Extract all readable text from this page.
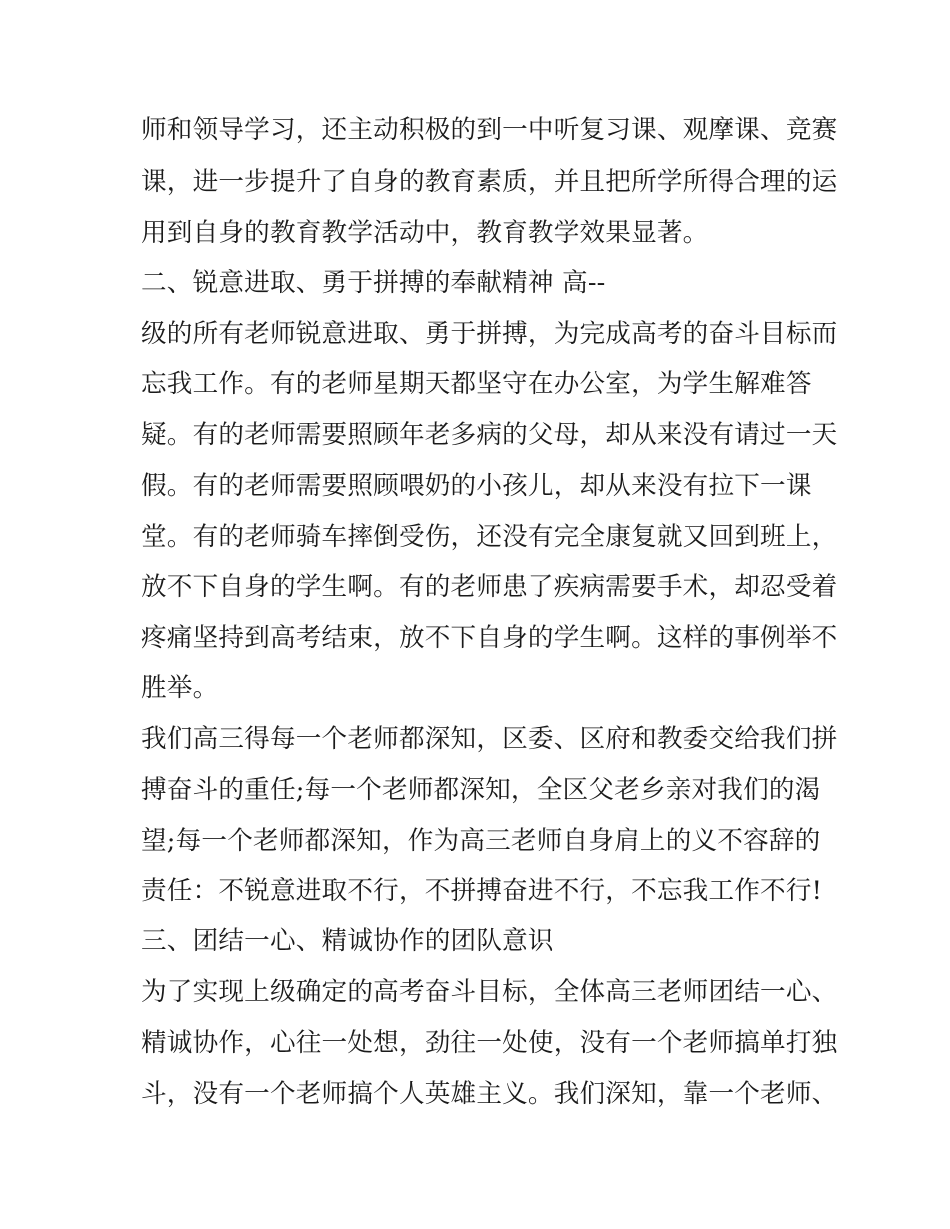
师和领导学习，还主动积极的到一中听复习课、观摩课、竞赛
课，进一步提升了自身的教育素质，并且把所学所得合理的运
用到自身的教育教学活动中，教育教学效果显著。
二、锐意进取、勇于拼搏的奉献精神 高--
级的所有老师锐意进取、勇于拼搏，为完成高考的奋斗目标而
忘我工作。有的老师星期天都坚守在办公室，为学生解难答
疑。有的老师需要照顾年老多病的父母，却从来没有请过一天
假。有的老师需要照顾喂奶的小孩儿，却从来没有拉下一课
堂。有的老师骑车摔倒受伤，还没有完全康复就又回到班上，
放不下自身的学生啊。有的老师患了疾病需要手术，却忍受着
疼痛坚持到高考结束，放不下自身的学生啊。这样的事例举不
胜举。
我们高三得每一个老师都深知，区委、区府和教委交给我们拼
搏奋斗的重任;每一个老师都深知，全区父老乡亲对我们的渴
望;每一个老师都深知，作为高三老师自身肩上的义不容辞的
责任：不锐意进取不行，不拼搏奋进不行，不忘我工作不行!
三、团结一心、精诚协作的团队意识
为了实现上级确定的高考奋斗目标，全体高三老师团结一心、
精诚协作，心往一处想，劲往一处使，没有一个老师搞单打独
斗，没有一个老师搞个人英雄主义。我们深知，靠一个老师、
